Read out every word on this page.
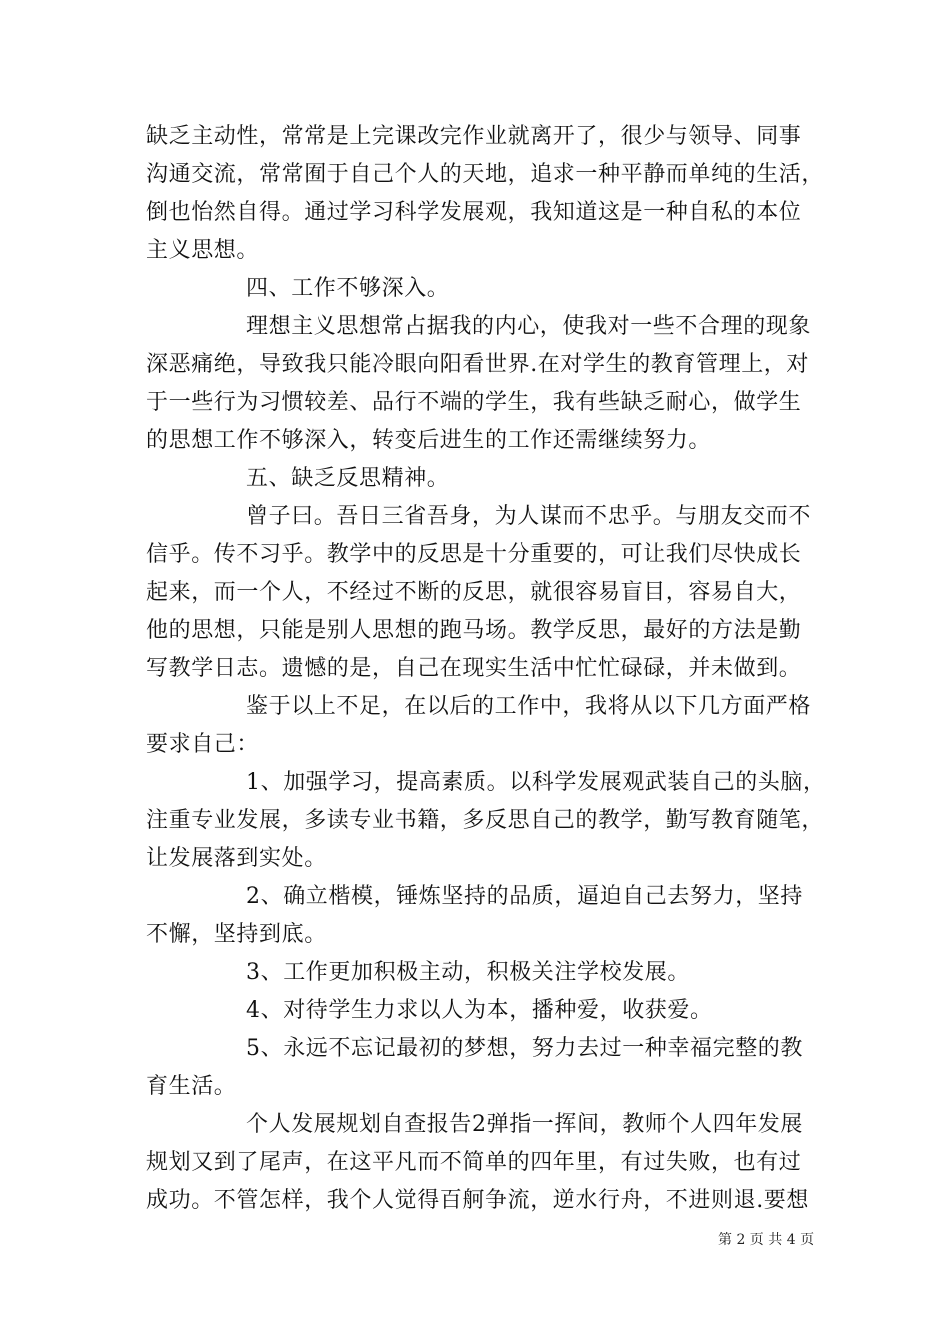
缺乏主动性，常常是上完课改完作业就离开了，很少与领导、同事
沟通交流，常常囿于自己个人的天地，追求一种平静而单纯的生活，
倒也怡然自得。通过学习科学发展观，我知道这是一种自私的本位
主义思想。
四、工作不够深入。
理想主义思想常占据我的内心，使我对一些不合理的现象
深恶痛绝，导致我只能冷眼向阳看世界.在对学生的教育管理上，对
于一些行为习惯较差、品行不端的学生，我有些缺乏耐心，做学生
的思想工作不够深入，转变后进生的工作还需继续努力。
五、缺乏反思精神。
曾子曰。吾日三省吾身，为人谋而不忠乎。与朋友交而不
信乎。传不习乎。教学中的反思是十分重要的，可让我们尽快成长
起来，而一个人，不经过不断的反思，就很容易盲目，容易自大，
他的思想，只能是别人思想的跑马场。教学反思，最好的方法是勤
写教学日志。遗憾的是，自己在现实生活中忙忙碌碌，并未做到。
鉴于以上不足，在以后的工作中，我将从以下几方面严格
要求自己：
1、加强学习，提高素质。以科学发展观武装自己的头脑，
注重专业发展，多读专业书籍，多反思自己的教学，勤写教育随笔，
让发展落到实处。
2、确立楷模，锤炼坚持的品质，逼迫自己去努力，坚持
不懈，坚持到底。
3、工作更加积极主动，积极关注学校发展。
4、对待学生力求以人为本，播种爱，收获爱。
5、永远不忘记最初的梦想，努力去过一种幸福完整的教
育生活。
个人发展规划自查报告2弹指一挥间，教师个人四年发展
规划又到了尾声，在这平凡而不简单的四年里，有过失败，也有过
成功。不管怎样，我个人觉得百舸争流，逆水行舟，不进则退.要想
第 2 页 共 4 页
